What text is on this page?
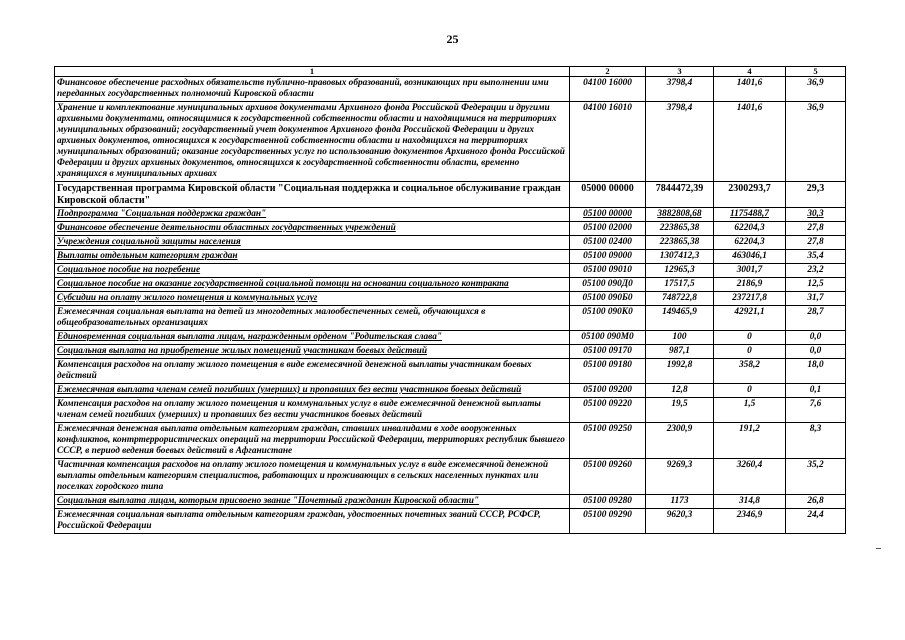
25
1	2	3	4	5
Финансовое обеспечение расходных обязательств публично-правовых образований, возникающих при выполнении ими переданных государственных полномочий Кировской области	04100 16000	3798,4	1401,6	36,9
Хранение и комплектование муниципальных архивов документами Архивного фонда Российской Федерации и другими архивными документами, относящимися к государственной собственности области и находящимися на территориях муниципальных образований; государственный учет документов Архивного фонда Российской Федерации и других архивных документов, относящихся к государственной собственности области и находящихся на территориях муниципальных образований; оказание государственных услуг по использованию документов Архивного фонда Российской Федерации и других архивных документов, относящихся к государственной собственности области, временно хранящихся в муниципальных архивах	04100 16010	3798,4	1401,6	36,9
Государственная программа Кировской области "Социальная поддержка и социальное обслуживание граждан Кировской области"	05000 00000	7844472,39	2300293,7	29,3
Подпрограмма "Социальная поддержка граждан"	05100 00000	3882808,68	1175488,7	30,3
Финансовое обеспечение деятельности областных государственных учреждений	05100 02000	223865,38	62204,3	27,8
Учреждения социальной защиты населения	05100 02400	223865,38	62204,3	27,8
Выплаты отдельным категориям граждан	05100 09000	1307412,3	463046,1	35,4
Социальное пособие на погребение	05100 09010	12965,3	3001,7	23,2
Социальное пособие на оказание государственной социальной помощи на основании социального контракта	05100 090Д0	17517,5	2186,9	12,5
Субсидии на оплату жилого помещения и коммунальных услуг	05100 090Б0	748722,8	237217,8	31,7
Ежемесячная социальная выплата на детей из многодетных малообеспеченных семей, обучающихся в общеобразовательных организациях	05100 090К0	149465,9	42921,1	28,7
Единовременная социальная выплата лицам, награжденным орденом "Родительская слава"	05100 090М0	100	0	0,0
Социальная выплата на приобретение жилых помещений участникам боевых действий	05100 09170	987,1	0	0,0
Компенсация расходов на оплату жилого помещения в виде ежемесячной денежной выплаты участникам боевых действий	05100 09180	1992,8	358,2	18,0
Ежемесячная выплата членам семей погибших (умерших) и пропавших без вести участников боевых действий	05100 09200	12,8	0	0,1
Компенсация расходов на оплату жилого помещения и коммунальных услуг в виде ежемесячной денежной выплаты членам семей погибших (умерших) и пропавших без вести участников боевых действий	05100 09220	19,5	1,5	7,6
Ежемесячная денежная выплата отдельным категориям граждан, ставших инвалидами в ходе вооруженных конфликтов, контртеррористических операций на территории Российской Федерации, территориях республик бывшего СССР, в период ведения боевых действий в Афганистане	05100 09250	2300,9	191,2	8,3
Частичная компенсация расходов на оплату жилого помещения и коммунальных услуг в виде ежемесячной денежной выплаты отдельным категориям специалистов, работающих и проживающих в сельских населенных пунктах или поселках городского типа	05100 09260	9269,3	3260,4	35,2
Социальная выплата лицам, которым присвоено звание "Почетный гражданин Кировской области"	05100 09280	1173	314,8	26,8
Ежемесячная социальная выплата отдельным категориям граждан, удостоенных почетных званий СССР, РСФСР, Российской Федерации	05100 09290	9620,3	2346,9	24,4
